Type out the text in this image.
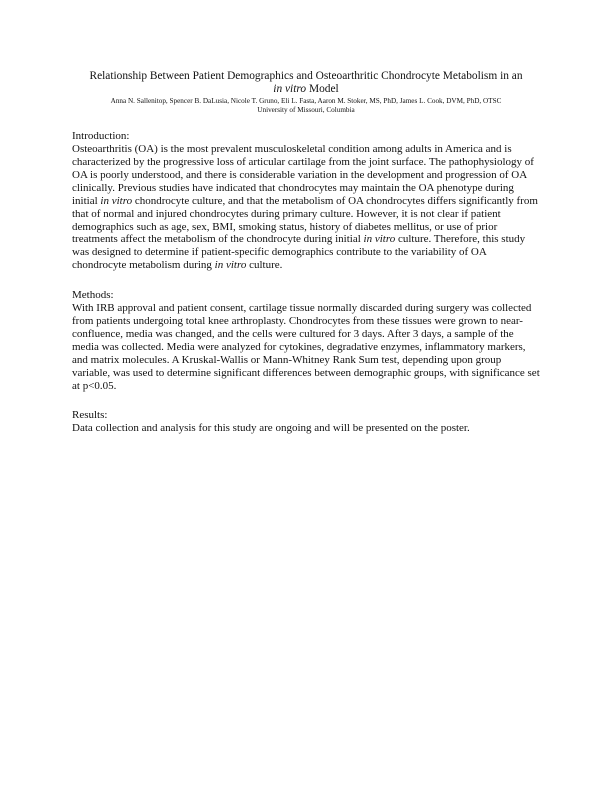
Relationship Between Patient Demographics and Osteoarthritic Chondrocyte Metabolism in an
in vitro Model
Anna N. Sallenitop, Spencer B. DaLusia, Nicole T. Gruno, Eli L. Fasta, Aaron M. Stoker, MS, PhD, James L. Cook, DVM, PhD, OTSC
University of Missouri, Columbia

Introduction:

Osteoarthritis (OA) is the most prevalent musculoskeletal condition among adults in America and is characterized by the progressive loss of articular cartilage from the joint surface. The pathophysiology of OA is poorly understood, and there is considerable variation in the development and progression of OA clinically. Previous studies have indicated that chondrocytes may maintain the OA phenotype during initial in vitro chondrocyte culture, and that the metabolism of OA chondrocytes differs significantly from that of normal and injured chondrocytes during primary culture. However, it is not clear if patient demographics such as age, sex, BMI, smoking status, history of diabetes mellitus, or use of prior treatments affect the metabolism of the chondrocyte during initial in vitro culture. Therefore, this study was designed to determine if patient-specific demographics contribute to the variability of OA chondrocyte metabolism during in vitro culture.

Methods:

With IRB approval and patient consent, cartilage tissue normally discarded during surgery was collected from patients undergoing total knee arthroplasty. Chondrocytes from these tissues were grown to near-confluence, media was changed, and the cells were cultured for 3 days. After 3 days, a sample of the media was collected. Media were analyzed for cytokines, degradative enzymes, inflammatory markers, and matrix molecules. A Kruskal-Wallis or Mann-Whitney Rank Sum test, depending upon group variable, was used to determine significant differences between demographic groups, with significance set at p<0.05.

Results:

Data collection and analysis for this study are ongoing and will be presented on the poster.
